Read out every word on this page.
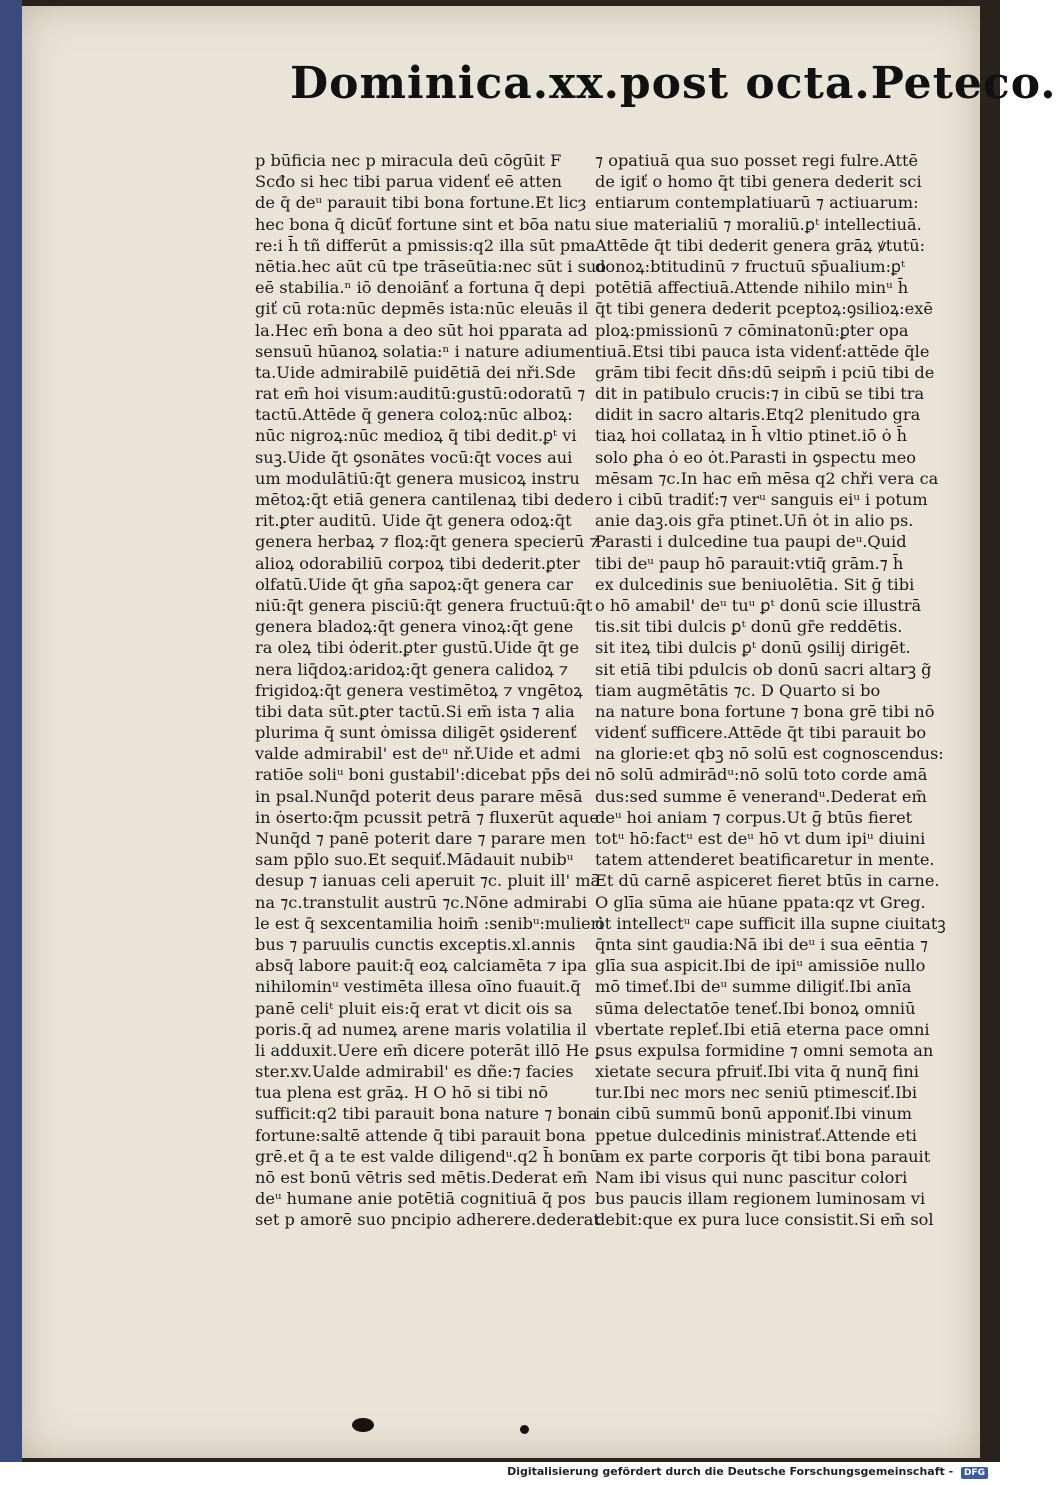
Dominica.xx.post octa.Peteco.
p būficia nec p miracula deū cōgūit F
Scđo si hec tibi parua videnť eē atten
de q̄ deᵘ parauit tibi bona fortune.Et licȝ
hec bona q̄ dicūť fortune sint et bōa natu
re:i h̄ tñ differūt a pmissis:q2 illa sūt pma
nētia.hec aūt cū tpe trāseūtia:nec sūt i suo
eē stabilia.ⁿ iō denoiānť a fortuna q̄ depi
giť cū rota:nūc depmēs ista:nūc eleuās il
la.Hec em̄ bona a deo sūt hoi pparata ad
sensuū hūanoꝝ solatia:ⁿ i nature adiumen
ta.Uide admirabilē puidētiā dei nři.Sde
rat em̄ hoi visum:auditū:gustū:odoratū ⁊
tactū.Attēde q̄ genera coloꝝ:nūc alboꝝ:
nūc nigroꝝ:nūc medioꝝ q̄ tibi dedit.ꝑᵗ vi
suꝫ.Uide q̄t ꝯsonātes vocū:q̄t voces aui
um modulātiū:q̄t genera musicoꝝ instru
mētoꝝ:q̄t etiā genera cantilenaꝝ tibi dede
rit.ꝑter auditū. Uide q̄t genera odoꝝ:q̄t
genera herbaꝝ ⁊ floꝝ:q̄t genera specierū ⁊
alioꝝ odorabiliū corpoꝝ tibi dederit.ꝑter
olfatū.Uide q̄t gn̄a sapoꝝ:q̄t genera car
niū:q̄t genera pisciū:q̄t genera fructuū:q̄t
genera bladoꝝ:q̄t genera vinoꝝ:q̄t gene
ra oleꝝ tibi ȯderit.ꝑter gustū.Uide q̄t ge
nera liq̄doꝝ:aridoꝝ:q̄t genera calidoꝝ ⁊
frigidoꝝ:q̄t genera vestimētoꝝ ⁊ vngētoꝝ
tibi data sūt.ꝑter tactū.Si em̄ ista ⁊ alia
plurima q̄ sunt ȯmissa diligēt ꝯsiderenť
valde admirabil' est deᵘ nř.Uide et admi
ratiōe soliᵘ boni gustabil':dicebat pp̄s dei
in psal.Nunq̄d poterit deus parare mēsā
in ȯserto:q̄m pcussit petrā ⁊ fluxerūt aque
Nunq̄d ⁊ panē poterit dare ⁊ parare men
sam pp̄lo suo.Et sequiť.Mādauit nubibᵘ
desup ⁊ ianuas celi aperuit ⁊c. pluit ill' mā
na ⁊c.transtulit austrū ⁊c.Nōne admirabi
le est q̄ sexcentamilia hoim̄ :senibᵘ:mulieri
bus ⁊ paruulis cunctis exceptis.xl.annis
absq̄ labore pauit:q̄ eoꝝ calciamēta ⁊ ipa
nihilominᵘ vestimēta illesa oīno fuauit.q̄
panē celiᵗ pluit eis:q̄ erat vt dicit ois sa
poris.q̄ ad numeꝝ arene maris volatilia il
li adduxit.Uere em̄ dicere poterāt illō He
ster.xv.Ualde admirabil' es dñe:⁊ facies
tua plena est grāꝝ. H O hō si tibi nō
sufficit:q2 tibi parauit bona nature ⁊ bona
fortune:saltē attende q̄ tibi parauit bona
grē.et q̄ a te est valde diligendᵘ.q2 h̄ bonū
nō est bonū vētris sed mētis.Dederat em̄
deᵘ humane anie potētiā cognitiuā q̄ pos
set p amorē suo pncipio adherere.dederat
⁊ opatiuā qua suo posset regi fulre.Attē
de igiť o homo q̄t tibi genera dederit sci
entiarum contemplatiuarū ⁊ actiuarum:
siue materialiū ⁊ moraliū.ꝑᵗ intellectiuā.
Attēde q̄t tibi dederit genera grāꝝ ꝟtutū:
donoꝝ:btitudinū ⁊ fructuū sp̄ualium:ꝑᵗ
potētiā affectiuā.Attende nihilo minᵘ h̄
q̄t tibi genera dederit pceptoꝝ:ꝯsilioꝝ:exē
ploꝝ:pmissionū ⁊ cōminatonū:ꝑter opa
tiuā.Etsi tibi pauca ista videnť:attēde q̄le
grām tibi fecit dn̄s:dū seipm̄ i pciū tibi de
dit in patibulo crucis:⁊ in cibū se tibi tra
didit in sacro altaris.Etq2 plenitudo gra
tiaꝝ hoi collataꝝ in h̄ vltio ptinet.iō ȯ h̄
solo ꝑha ȯ eo ȯt.Parasti in ꝯspectu meo
mēsam ⁊c.In hac em̄ mēsa q2 chři vera ca
ro i cibū tradiť:⁊ verᵘ sanguis eiᵘ i potum
anie daꝫ.ois gr̄a ptinet.Un̄ ȯt in alio ps.
Parasti i dulcedine tua paupi deᵘ.Quid
tibi deᵘ paup hō parauit:vtiq̄ grām.⁊ h̄
ex dulcedinis sue beniuolētia. Sit ḡ tibi
o hō amabil' deᵘ tuᵘ ꝑᵗ donū scie illustrā
tis.sit tibi dulcis ꝑᵗ donū gr̄e reddētis.
sit iteꝝ tibi dulcis ꝑᵗ donū ꝯsilij dirigēt.
sit etiā tibi pdulcis ob donū sacri altarꝫ g̃
tiam augmētātis ⁊c. D Quarto si bo
na nature bona fortune ⁊ bona grē tibi nō
videnť sufficere.Attēde q̄t tibi parauit bo
na glorie:et qbꝫ nō solū est cognoscendus:
nō solū admirādᵘ:nō solū toto corde amā
dus:sed summe ē venerandᵘ.Dederat em̄
deᵘ hoi aniam ⁊ corpus.Ut ḡ btūs fieret
totᵘ hō:factᵘ est deᵘ hō vt dum ipiᵘ diuini
tatem attenderet beatificaretur in mente.
Et dū carnē aspiceret fieret btūs in carne.
O glīa sūma aie hūane ppata:qz vt Greg.
ȯt intellectᵘ cape sufficit illa supne ciuitatꝫ
q̄nta sint gaudia:Nā ibi deᵘ i sua eēntia ⁊
glīa sua aspicit.Ibi de ipiᵘ amissiōe nullo
mō timeť.Ibi deᵘ summe diligiť.Ibi anīa
sūma delectatōe teneť.Ibi bonoꝝ omniū
vbertate repleť.Ibi etiā eterna pace omni
ꝑsus expulsa formidine ⁊ omni semota an
xietate secura pfruiť.Ibi vita q̄ nunq̄ fini
tur.Ibi nec mors nec seniū ptimesciť.Ibi
in cibū summū bonū apponiť.Ibi vinum
ppetue dulcedinis ministrať.Attende eti
am ex parte corporis q̄t tibi bona parauit
Nam ibi visus qui nunc pascitur colori
bus paucis illam regionem luminosam vi
debit:que ex pura luce consistit.Si em̄ sol
Digitalisierung gefördert durch die Deutsche Forschungsgemeinschaft - DFG
